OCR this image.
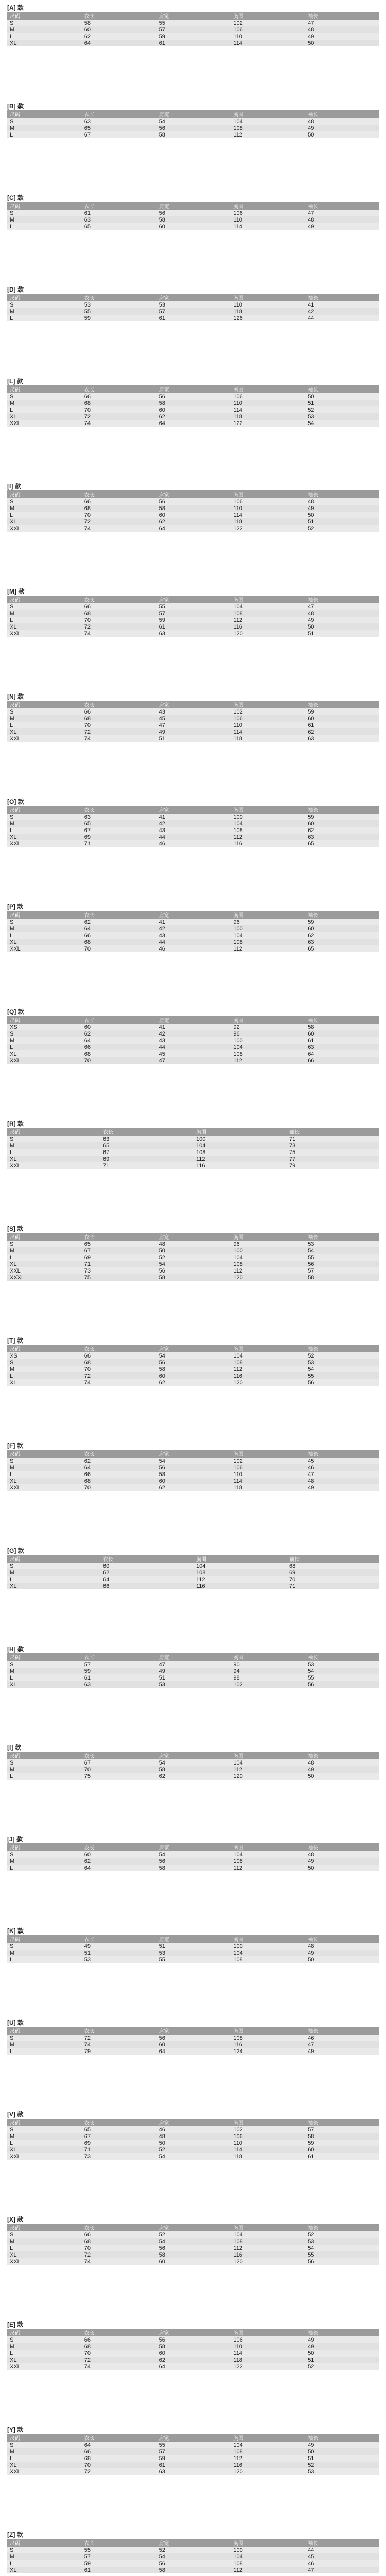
[A] 款
尺码	衣长	肩宽	胸围	袖长
S	58	55	102	47
M	60	57	106	48
L	62	59	110	49
XL	64	61	114	50
[B] 款
尺码	衣长	肩宽	胸围	袖长
S	63	54	104	48
M	65	56	108	49
L	67	58	112	50
[C] 款
尺码	衣长	肩宽	胸围	袖长
S	61	56	106	47
M	63	58	110	48
L	65	60	114	49
[D] 款
尺码	衣长	肩宽	胸围	袖长
S	53	53	110	41
M	55	57	118	42
L	59	61	126	44
[L] 款
尺码	衣长	肩宽	胸围	袖长
S	66	56	106	50
M	68	58	110	51
L	70	60	114	52
XL	72	62	118	53
XXL	74	64	122	54
[I] 款
尺码	衣长	肩宽	胸围	袖长
S	66	56	106	48
M	68	58	110	49
L	70	60	114	50
XL	72	62	118	51
XXL	74	64	122	52
[M] 款
尺码	衣长	肩宽	胸围	袖长
S	66	55	104	47
M	68	57	108	48
L	70	59	112	49
XL	72	61	116	50
XXL	74	63	120	51
[N] 款
尺码	衣长	肩宽	胸围	袖长
S	66	43	102	59
M	68	45	106	60
L	70	47	110	61
XL	72	49	114	62
XXL	74	51	118	63
[O] 款
尺码	衣长	肩宽	胸围	袖长
S	63	41	100	59
M	65	42	104	60
L	67	43	108	62
XL	69	44	112	63
XXL	71	46	116	65
[P] 款
尺码	衣长	肩宽	胸围	袖长
S	62	41	96	59
M	64	42	100	60
L	66	43	104	62
XL	68	44	108	63
XXL	70	46	112	65
[Q] 款
尺码	衣长	肩宽	胸围	袖长
XS	60	41	92	58
S	62	42	96	60
M	64	43	100	61
L	66	44	104	63
XL	68	45	108	64
XXL	70	47	112	66
[R] 款
尺码	衣长	胸围	袖长
S	63	100	71
M	65	104	73
L	67	108	75
XL	69	112	77
XXL	71	116	79
[S] 款
尺码	衣长	肩宽	胸围	袖长
S	65	48	96	53
M	67	50	100	54
L	69	52	104	55
XL	71	54	108	56
XXL	73	56	112	57
XXXL	75	58	120	58
[T] 款
尺码	衣长	肩宽	胸围	袖长
XS	66	54	104	52
S	68	56	108	53
M	70	58	112	54
L	72	60	116	55
XL	74	62	120	56
[F] 款
尺码	衣长	肩宽	胸围	袖长
S	62	54	102	45
M	64	56	106	46
L	66	58	110	47
XL	68	60	114	48
XXL	70	62	118	49
[G] 款
尺码	衣长	胸围	袖长
S	60	104	68
M	62	108	69
L	64	112	70
XL	66	116	71
[H] 款
尺码	衣长	肩宽	胸围	袖长
S	57	47	90	53
M	59	49	94	54
L	61	51	98	55
XL	63	53	102	56
[I] 款
尺码	衣长	肩宽	胸围	袖长
S	67	54	104	48
M	70	58	112	49
L	75	62	120	50
[J] 款
尺码	衣长	肩宽	胸围	袖长
S	60	54	104	48
M	62	56	108	49
L	64	58	112	50
[K] 款
尺码	衣长	肩宽	胸围	袖长
S	49	51	100	48
M	51	53	104	49
L	53	55	108	50
[U] 款
尺码	衣长	肩宽	胸围	袖长
S	72	56	108	46
M	74	60	116	47
L	79	64	124	49
[V] 款
尺码	衣长	肩宽	胸围	袖长
S	65	46	102	57
M	67	48	106	58
L	69	50	110	59
XL	71	52	114	60
XXL	73	54	118	61
[X] 款
尺码	衣长	肩宽	胸围	袖长
S	66	52	104	52
M	68	54	108	53
L	70	56	112	54
XL	72	58	116	55
XXL	74	60	120	56
[E] 款
尺码	衣长	肩宽	胸围	袖长
S	66	56	106	49
M	68	58	110	49
L	70	60	114	50
XL	72	62	118	51
XXL	74	64	122	52
[Y] 款
尺码	衣长	肩宽	胸围	袖长
S	64	55	104	49
M	66	57	108	50
L	68	59	112	51
XL	70	61	116	52
XXL	72	63	120	53
[Z] 款
尺码	衣长	肩宽	胸围	袖长
S	55	52	100	44
M	57	54	104	45
L	59	56	108	46
XL	61	58	112	47
